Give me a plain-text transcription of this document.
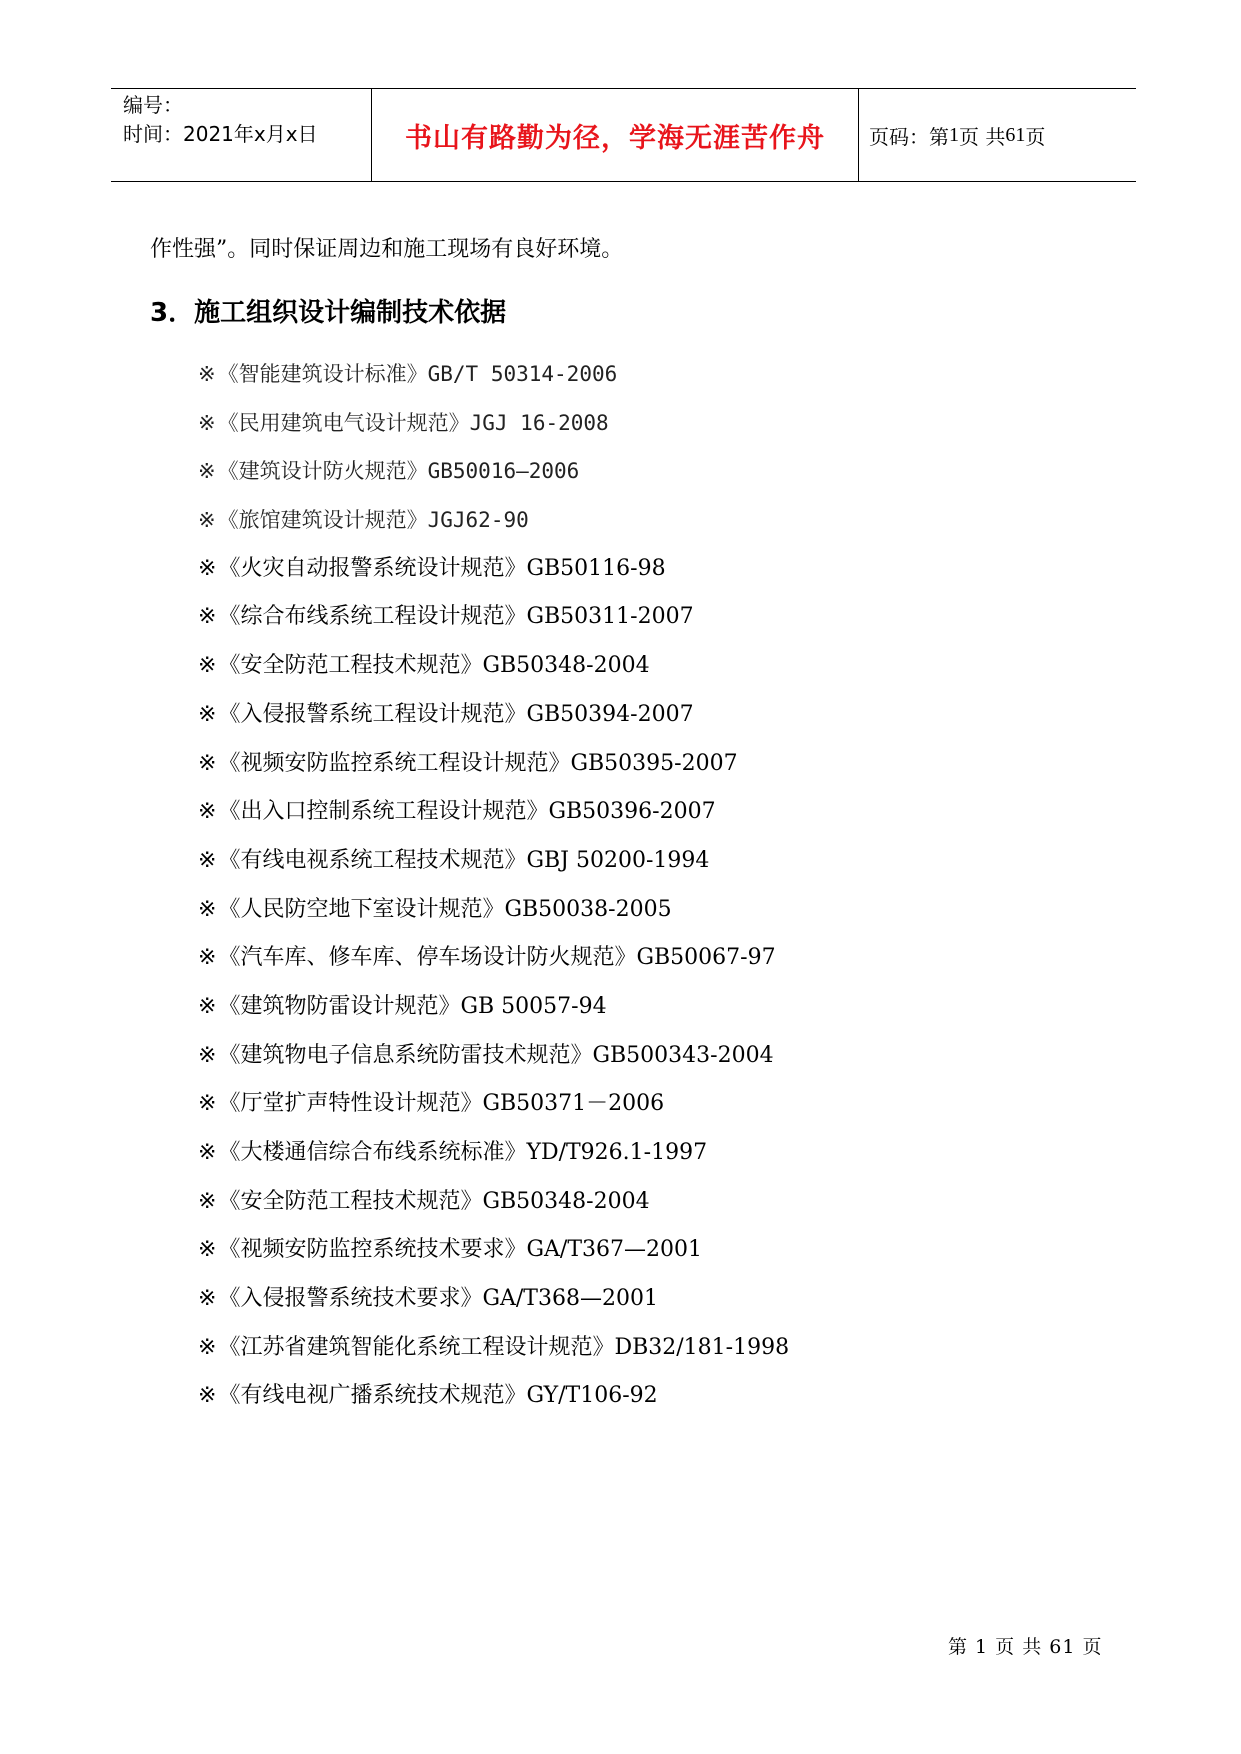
编号：
时间：2021年x月x日	书山有路勤为径，学海无涯苦作舟 页码：第 1 页 共 61 页
作性强”。同时保证周边和施工现场有良好环境。
3．施工组织设计编制技术依据
※《智能建筑设计标准》GB/T 50314-2006
※《民用建筑电气设计规范》JGJ 16-2008
※《建筑设计防火规范》GB50016—2006
※《旅馆建筑设计规范》JGJ62-90
※《火灾自动报警系统设计规范》GB50116-98
※《综合布线系统工程设计规范》GB50311-2007
※《安全防范工程技术规范》GB50348-2004
※《入侵报警系统工程设计规范》GB50394-2007
※《视频安防监控系统工程设计规范》GB50395-2007
※《出入口控制系统工程设计规范》GB50396-2007
※《有线电视系统工程技术规范》GBJ 50200-1994
※《人民防空地下室设计规范》GB50038-2005
※《汽车库、修车库、停车场设计防火规范》GB50067-97
※《建筑物防雷设计规范》GB 50057-94
※《建筑物电子信息系统防雷技术规范》GB500343-2004
※《厅堂扩声特性设计规范》GB50371－2006
※《大楼通信综合布线系统标准》YD/T926.1-1997
※《安全防范工程技术规范》GB50348-2004
※《视频安防监控系统技术要求》GA/T367—2001
※《入侵报警系统技术要求》GA/T368—2001
※《江苏省建筑智能化系统工程设计规范》DB32/181-1998
※《有线电视广播系统技术规范》GY/T106-92
第 1 页 共 61 页
